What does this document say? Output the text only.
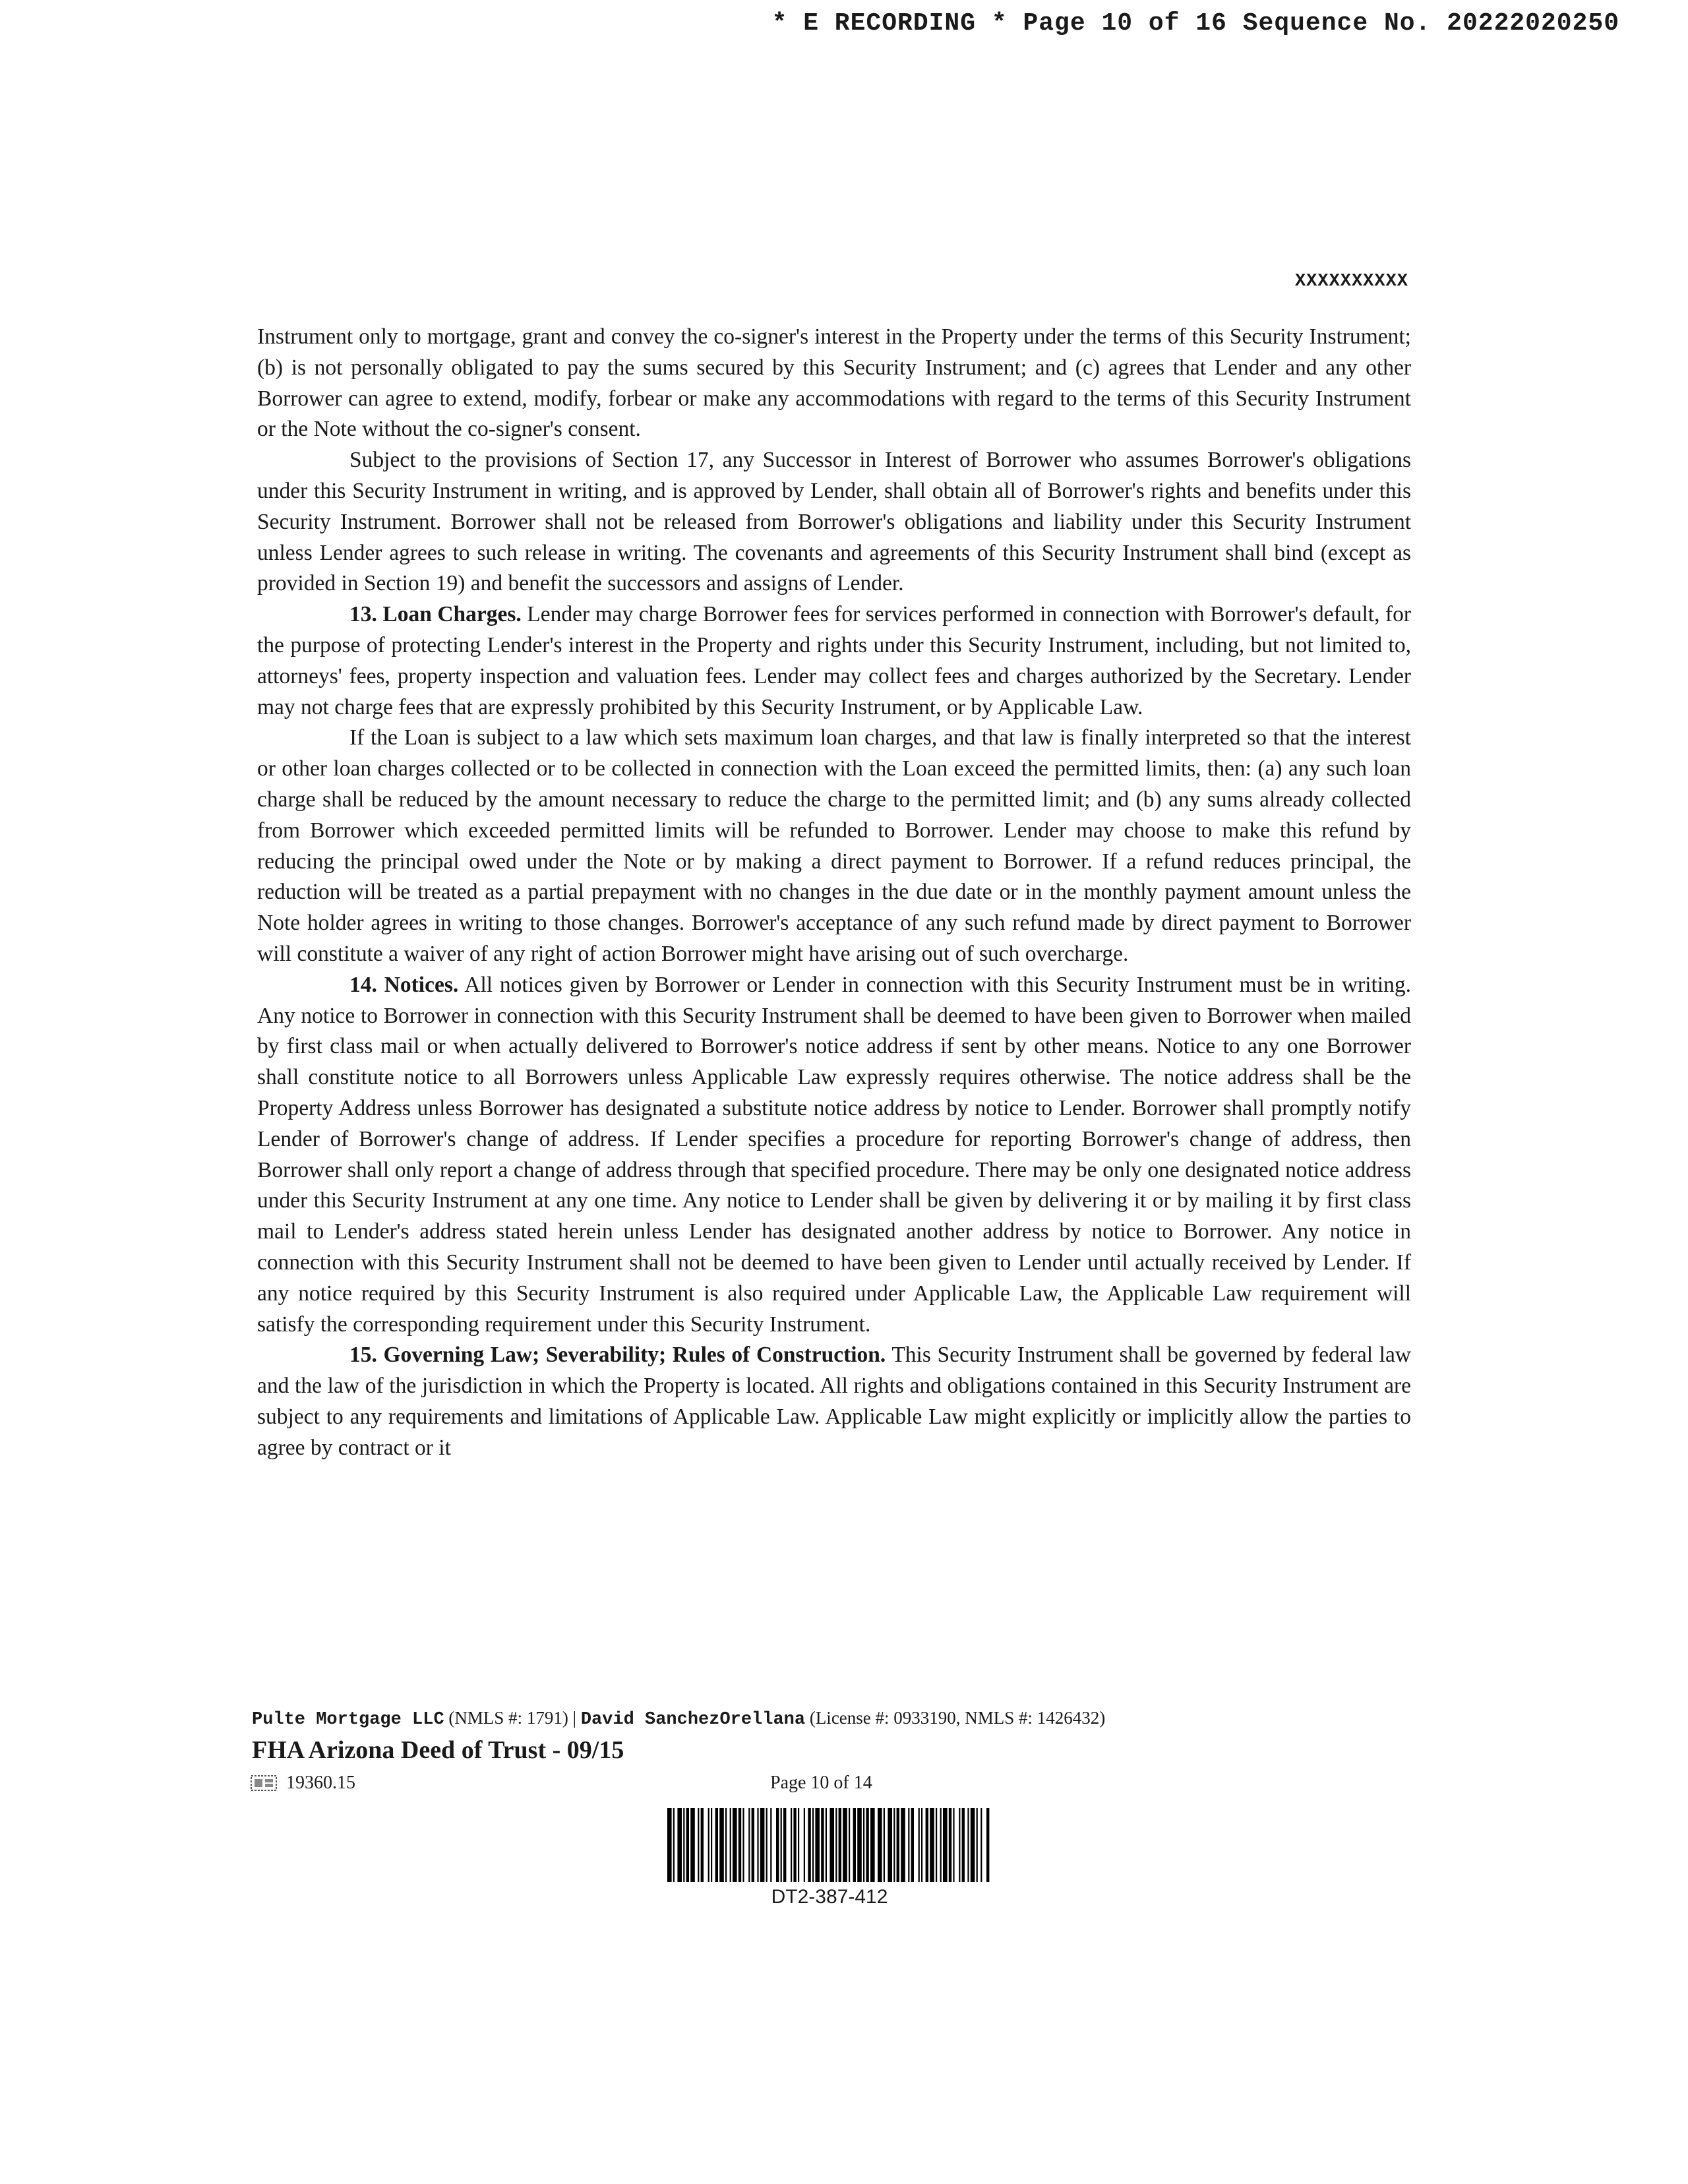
* E RECORDING * Page 10 of 16 Sequence No. 20222020250
XXXXXXXXXX

Instrument only to mortgage, grant and convey the co-signer's interest in the Property under the terms of this Security Instrument; (b) is not personally obligated to pay the sums secured by this Security Instrument; and (c) agrees that Lender and any other Borrower can agree to extend, modify, forbear or make any accommodations with regard to the terms of this Security Instrument or the Note without the co-signer's consent.

Subject to the provisions of Section 17, any Successor in Interest of Borrower who assumes Borrower's obligations under this Security Instrument in writing, and is approved by Lender, shall obtain all of Borrower's rights and benefits under this Security Instrument. Borrower shall not be released from Borrower's obligations and liability under this Security Instrument unless Lender agrees to such release in writing. The covenants and agreements of this Security Instrument shall bind (except as provided in Section 19) and benefit the successors and assigns of Lender.

13. Loan Charges. Lender may charge Borrower fees for services performed in connection with Borrower's default, for the purpose of protecting Lender's interest in the Property and rights under this Security Instrument, including, but not limited to, attorneys' fees, property inspection and valuation fees. Lender may collect fees and charges authorized by the Secretary. Lender may not charge fees that are expressly prohibited by this Security Instrument, or by Applicable Law.

If the Loan is subject to a law which sets maximum loan charges, and that law is finally interpreted so that the interest or other loan charges collected or to be collected in connection with the Loan exceed the permitted limits, then: (a) any such loan charge shall be reduced by the amount necessary to reduce the charge to the permitted limit; and (b) any sums already collected from Borrower which exceeded permitted limits will be refunded to Borrower. Lender may choose to make this refund by reducing the principal owed under the Note or by making a direct payment to Borrower. If a refund reduces principal, the reduction will be treated as a partial prepayment with no changes in the due date or in the monthly payment amount unless the Note holder agrees in writing to those changes. Borrower's acceptance of any such refund made by direct payment to Borrower will constitute a waiver of any right of action Borrower might have arising out of such overcharge.

14. Notices. All notices given by Borrower or Lender in connection with this Security Instrument must be in writing. Any notice to Borrower in connection with this Security Instrument shall be deemed to have been given to Borrower when mailed by first class mail or when actually delivered to Borrower's notice address if sent by other means. Notice to any one Borrower shall constitute notice to all Borrowers unless Applicable Law expressly requires otherwise. The notice address shall be the Property Address unless Borrower has designated a substitute notice address by notice to Lender. Borrower shall promptly notify Lender of Borrower's change of address. If Lender specifies a procedure for reporting Borrower's change of address, then Borrower shall only report a change of address through that specified procedure. There may be only one designated notice address under this Security Instrument at any one time. Any notice to Lender shall be given by delivering it or by mailing it by first class mail to Lender's address stated herein unless Lender has designated another address by notice to Borrower. Any notice in connection with this Security Instrument shall not be deemed to have been given to Lender until actually received by Lender. If any notice required by this Security Instrument is also required under Applicable Law, the Applicable Law requirement will satisfy the corresponding requirement under this Security Instrument.

15. Governing Law; Severability; Rules of Construction. This Security Instrument shall be governed by federal law and the law of the jurisdiction in which the Property is located. All rights and obligations contained in this Security Instrument are subject to any requirements and limitations of Applicable Law. Applicable Law might explicitly or implicitly allow the parties to agree by contract or it

Pulte Mortgage LLC (NMLS #: 1791) | David SanchezOrellana (License #: 0933190, NMLS #: 1426432)
FHA Arizona Deed of Trust - 09/15
19360.15	Page 10 of 14
DT2-387-412
